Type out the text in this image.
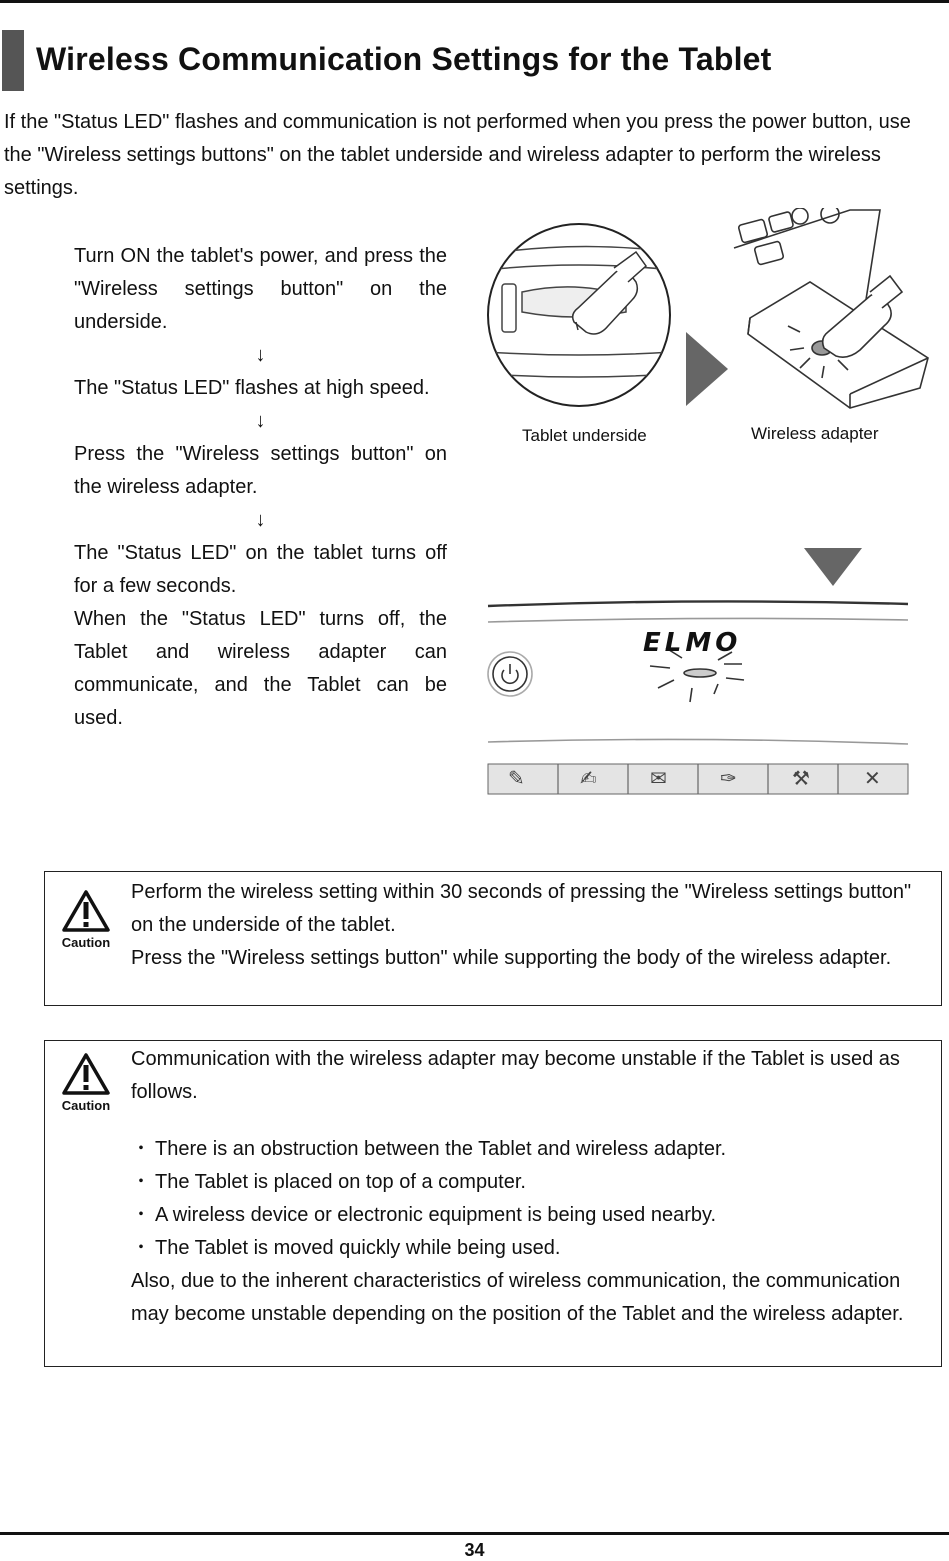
Wireless Communication Settings for the Tablet

If the "Status LED" flashes and communication is not performed when you press the power button, use the "Wireless settings buttons" on the tablet underside and wireless adapter to perform the wireless settings.

Turn ON the tablet's power, and press the "Wireless settings button" on the underside.

↓

The "Status LED" flashes at high speed.

↓

Press the "Wireless settings button" on the wireless adapter.

↓

The "Status LED" on the tablet turns off for a few seconds.

When the "Status LED" turns off, the Tablet and wireless adapter can communicate, and the Tablet can be used.

Tablet underside	Wireless adapter
ELMO
✎	✍	✉	✑	⚒	✕
Caution

Perform the wireless setting within 30 seconds of pressing the "Wireless settings button" on the underside of the tablet.

Press the "Wireless settings button" while supporting the body of the wireless adapter.

Caution

Communication with the wireless adapter may become unstable if the Tablet is used as follows.

・ There is an obstruction between the Tablet and wireless adapter.

・ The Tablet is placed on top of a computer.

・ A wireless device or electronic equipment is being used nearby.

・ The Tablet is moved quickly while being used.

Also, due to the inherent characteristics of wireless communication, the communication may become unstable depending on the position of the Tablet and the wireless adapter.

34
